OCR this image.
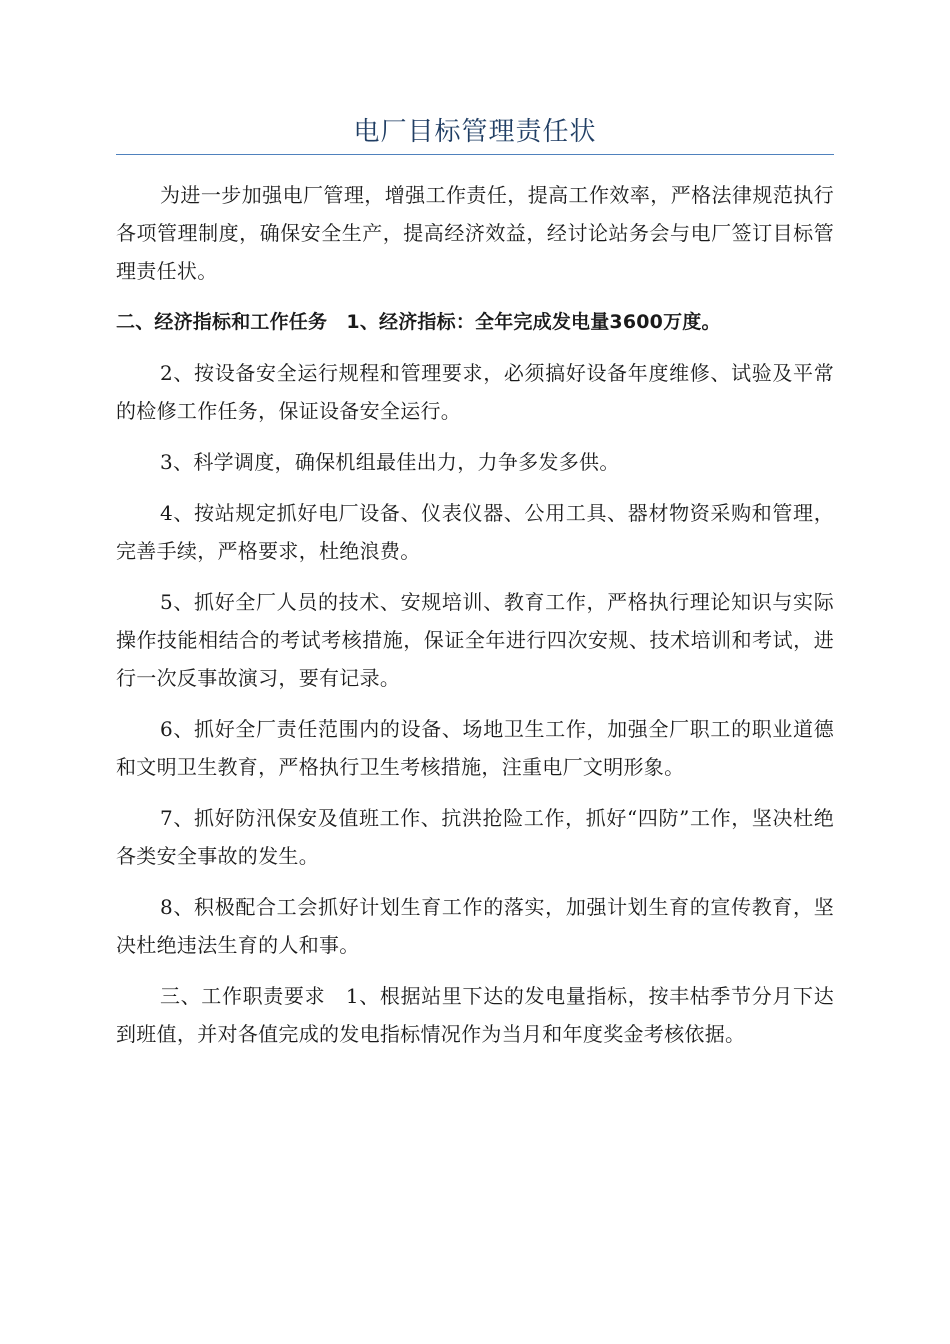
电厂目标管理责任状

为进一步加强电厂管理，增强工作责任，提高工作效率，严格法律规范执行各项管理制度，确保安全生产，提高经济效益，经讨论站务会与电厂签订目标管理责任状。

二、经济指标和工作任务　1、经济指标：全年完成发电量3600万度。

2、按设备安全运行规程和管理要求，必须搞好设备年度维修、试验及平常的检修工作任务，保证设备安全运行。

3、科学调度，确保机组最佳出力，力争多发多供。

4、按站规定抓好电厂设备、仪表仪器、公用工具、器材物资采购和管理，完善手续，严格要求，杜绝浪费。

5、抓好全厂人员的技术、安规培训、教育工作，严格执行理论知识与实际操作技能相结合的考试考核措施，保证全年进行四次安规、技术培训和考试，进行一次反事故演习，要有记录。

6、抓好全厂责任范围内的设备、场地卫生工作，加强全厂职工的职业道德和文明卫生教育，严格执行卫生考核措施，注重电厂文明形象。

7、抓好防汛保安及值班工作、抗洪抢险工作，抓好“四防”工作，坚决杜绝各类安全事故的发生。

8、积极配合工会抓好计划生育工作的落实，加强计划生育的宣传教育，坚决杜绝违法生育的人和事。

三、工作职责要求　1、根据站里下达的发电量指标，按丰枯季节分月下达到班值，并对各值完成的发电指标情况作为当月和年度奖金考核依据。
